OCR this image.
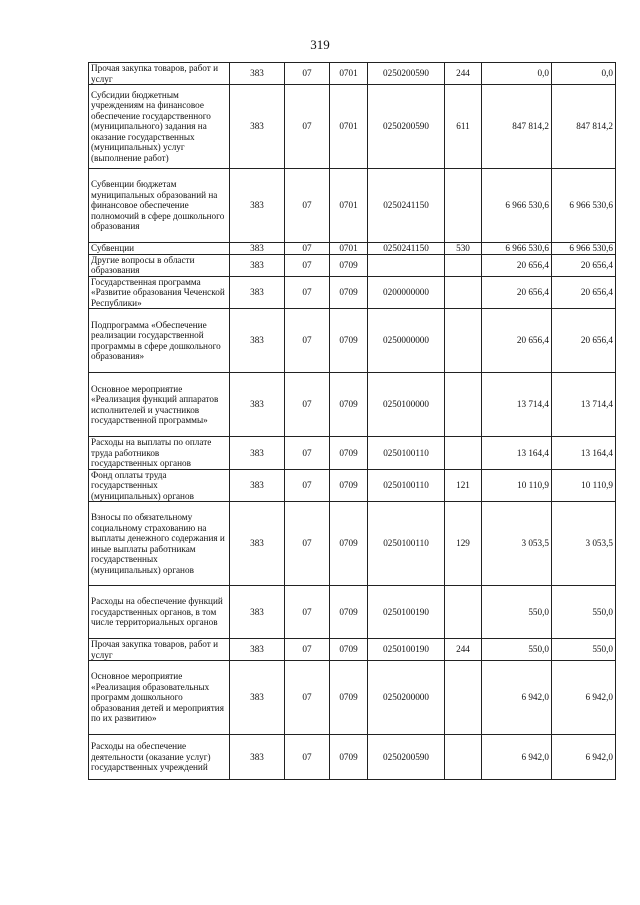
319
Прочая закупка товаров, работ и услуг	383	07	0701	0250200590	244	0,0	0,0
Субсидии бюджетным учреждениям на финансовое обеспечение государственного (муниципального) задания на оказание государственных (муниципальных) услуг (выполнение работ)	383	07	0701	0250200590	611	847 814,2	847 814,2
Субвенции бюджетам муниципальных образований на финансовое обеспечение полномочий в сфере дошкольного образования	383	07	0701	0250241150		6 966 530,6	6 966 530,6
Субвенции	383	07	0701	0250241150	530	6 966 530,6	6 966 530,6
Другие вопросы в области образования	383	07	0709			20 656,4	20 656,4
Государственная программа «Развитие образования Чеченской Республики»	383	07	0709	0200000000		20 656,4	20 656,4
Подпрограмма «Обеспечение реализации государственной программы в сфере дошкольного образования»	383	07	0709	0250000000		20 656,4	20 656,4
Основное мероприятие «Реализация функций аппаратов исполнителей и участников государственной программы»	383	07	0709	0250100000		13 714,4	13 714,4
Расходы на выплаты по оплате труда работников государственных органов	383	07	0709	0250100110		13 164,4	13 164,4
Фонд оплаты труда государственных (муниципальных) органов	383	07	0709	0250100110	121	10 110,9	10 110,9
Взносы по обязательному социальному страхованию на выплаты денежного содержания и иные выплаты работникам государственных (муниципальных) органов	383	07	0709	0250100110	129	3 053,5	3 053,5
Расходы на обеспечение функций государственных органов, в том числе территориальных органов	383	07	0709	0250100190		550,0	550,0
Прочая закупка товаров, работ и услуг	383	07	0709	0250100190	244	550,0	550,0
Основное мероприятие «Реализация образовательных программ дошкольного образования детей и мероприятия по их развитию»	383	07	0709	0250200000		6 942,0	6 942,0
Расходы на обеспечение деятельности (оказание услуг) государственных учреждений	383	07	0709	0250200590		6 942,0	6 942,0
